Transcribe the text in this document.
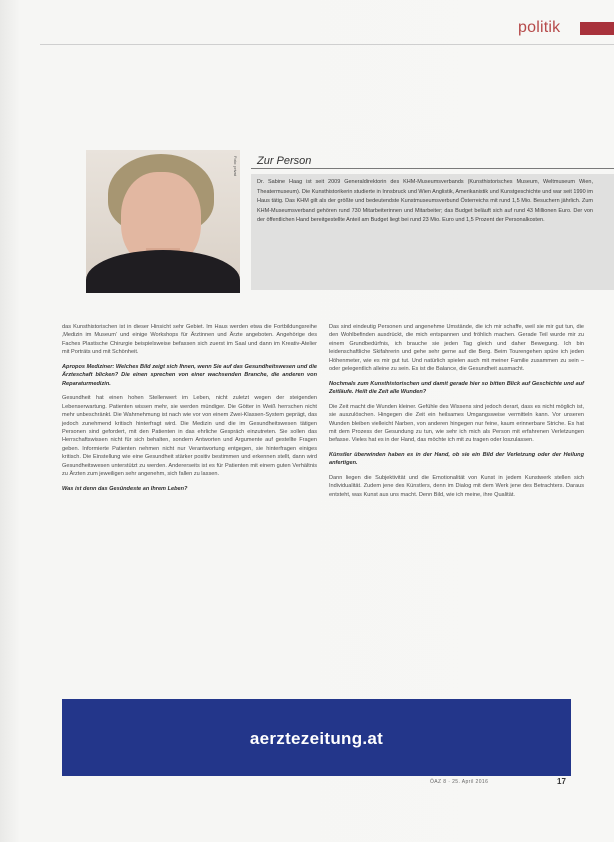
politik
Foto: privat Zur Person
Dr. Sabine Haag ist seit 2009 Generaldirektorin des KHM-Museumsverbands (Kunsthistorisches Museum, Weltmuseum Wien, Theatermuseum). Die Kunsthistorikerin studierte in Innsbruck und Wien Anglistik, Amerikanistik und Kunstgeschichte und war seit 1990 im Haus tätig. Das KHM gilt als der größte und bedeutendste Kunstmuseumsverbund Österreichs mit rund 1,5 Mio. Besuchern jährlich. Zum KHM-Museumsverband gehören rund 730 Mitarbeiterinnen und Mitarbeiter; das Budget beläuft sich auf rund 43 Millionen Euro. Der von der öffentlichen Hand bereitgestellte Anteil am Budget liegt bei rund 23 Mio. Euro und 1,5 Prozent der Personalkosten.

das Kunsthistorischen ist in dieser Hinsicht sehr Gebiet. Im Haus werden etwa die Fortbildungsreihe ‚Medizin im Museum‘ und einige Workshops für Ärztinnen und Ärzte angeboten. Angehörige des Faches Plastische Chirurgie beispielsweise befassen sich zuerst im Saal und dann im Kreativ-Atelier mit Porträts und mit Schönheit.

Apropos Mediziner: Welches Bild zeigt sich Ihnen, wenn Sie auf das Gesundheitswesen und die Ärzteschaft blicken? Die einen sprechen von einer wachsenden Branche, die anderen von Reparaturmedizin.

Gesundheit hat einen hohen Stellenwert im Leben, nicht zuletzt wegen der steigenden Lebenserwartung. Patienten wissen mehr, sie werden mündiger. Die Götter in Weiß herrschen nicht mehr unbeschränkt. Die Wahrnehmung ist nach wie vor von einem Zwei-Klassen-System geprägt, das jedoch zunehmend kritisch hinterfragt wird. Die Medizin und die im Gesundheitswesen tätigen Personen sind gefordert, mit den Patienten in das ehrliche Gespräch einzutreten. Sie sollen das Herrschaftswissen nicht für sich behalten, sondern Antworten und Argumente auf gestellte Fragen geben. Informierte Patienten nehmen nicht nur Verantwortung entgegen, sie hinterfragen einiges kritisch. Die Einstellung wie eine Gesundheit stärker positiv bestimmen und erkennen stellt, dann wird Gesundheitswesen unterstützt zu werden. Andererseits ist es für Patienten mit einem guten Verhältnis zu Ärzten zum jeweiligen sehr angenehm, sich fallen zu lassen.

Was ist denn das Gesündeste an Ihrem Leben?

Das sind eindeutig Personen und angenehme Umstände, die ich mir schaffe, weil sie mir gut tun, die den Wohlbefinden ausdrückt, die mich entspannen und fröhlich machen. Gerade Teil wurde mir zu einem Grundbedürfnis, ich brauche sie jeden Tag gleich und daher Bewegung. Ich bin leidenschaftliche Skifahrerin und gehe sehr gerne auf die Berg. Beim Tourengehen spüre ich jeden Höhenmeter, wie es mir gut tut. Und natürlich spielen auch mit meiner Familie zusammen zu sein – oder gelegentlich alleine zu sein. Es ist die Balance, die Gesundheit ausmacht.

Nochmals zum Kunsthistorischen und damit gerade hier so bitten Blick auf Geschichte und auf Zeitläufe. Heilt die Zeit alle Wunden?

Die Zeit macht die Wunden kleiner. Gefühle des Wissens sind jedoch derart, dass es nicht möglich ist, sie auszulöschen. Hingegen die Zeit ein heilsames Umgangsweise vermitteln kann. Vor unseren Wunden bleiben vielleicht Narben, von anderen hingegen nur feine, kaum erinnerbare Striche. Es hat mit dem Prozess der Gesundung zu tun, wie sehr ich mich als Person mit erfahrenen Verletzungen befasse. Vieles hat es in der Hand, das möchte ich mit zu tragen oder loszulassen.

Künstler überwinden haben es in der Hand, ob sie ein Bild der Verletzung oder der Heilung anfertigen.

Dann liegen die Subjektivität und die Emotionalität von Kunst in jedem Kunstwerk stellen sich Individualität. Zudem jene des Künstlers, denn im Dialog mit dem Werk jene des Betrachters. Daraus entsteht, was Kunst aus uns macht. Denn Bild, wie ich meine, ihre Qualität.

aerztezeitung.at
ÖAZ 8 · 25. April 2016	17
